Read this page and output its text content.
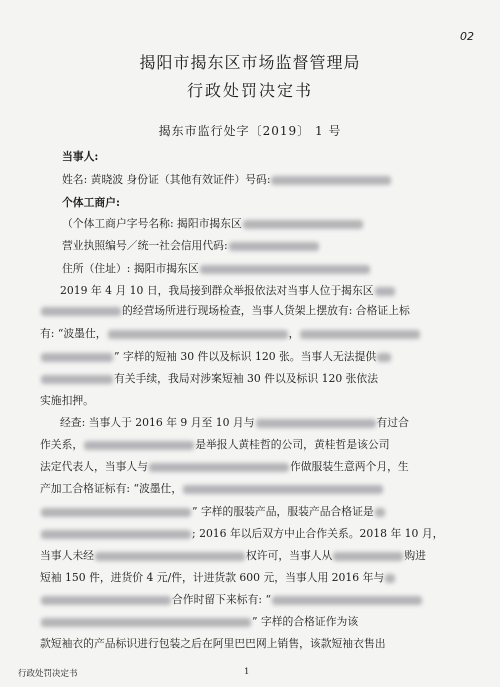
02
揭阳市揭东区市场监督管理局
行政处罚决定书
揭东市监行处字〔2019〕 1 号
当事人:
姓名: 黄晓波 身份证（其他有效证件）号码:
个体工商户:
（个体工商户字号名称: 揭阳市揭东区
营业执照编号／统一社会信用代码:
住所（住址）: 揭阳市揭东区
2019 年 4 月 10 日，我局接到群众举报依法对当事人位于揭东区
的经营场所进行现场检查，当事人货架上摆放有: 合格证上标
有: “波墨仕，	，
” 字样的短袖 30 件以及标识 120 张。当事人无法提供
有关手续，我局对涉案短袖 30 件以及标识 120 张依法
实施扣押。
经查: 当事人于 2016 年 9 月至 10 月与	有过合
作关系，	是举报人黄桂哲的公司，黄桂哲是该公司
法定代表人，当事人与	作做服装生意两个月，生
产加工合格证标有: “波墨仕，
” 字样的服装产品，服装产品合格证是
; 2016 年以后双方中止合作关系。2018 年 10 月，
当事人未经	权许可，当事人从	购进
短袖 150 件，进货价 4 元/件，计进货款 600 元，当事人用 2016 年与
合作时留下来标有: “
” 字样的合格证作为该
款短袖衣的产品标识进行包装之后在阿里巴巴网上销售，该款短袖衣售出
行政处罚决定书	1
